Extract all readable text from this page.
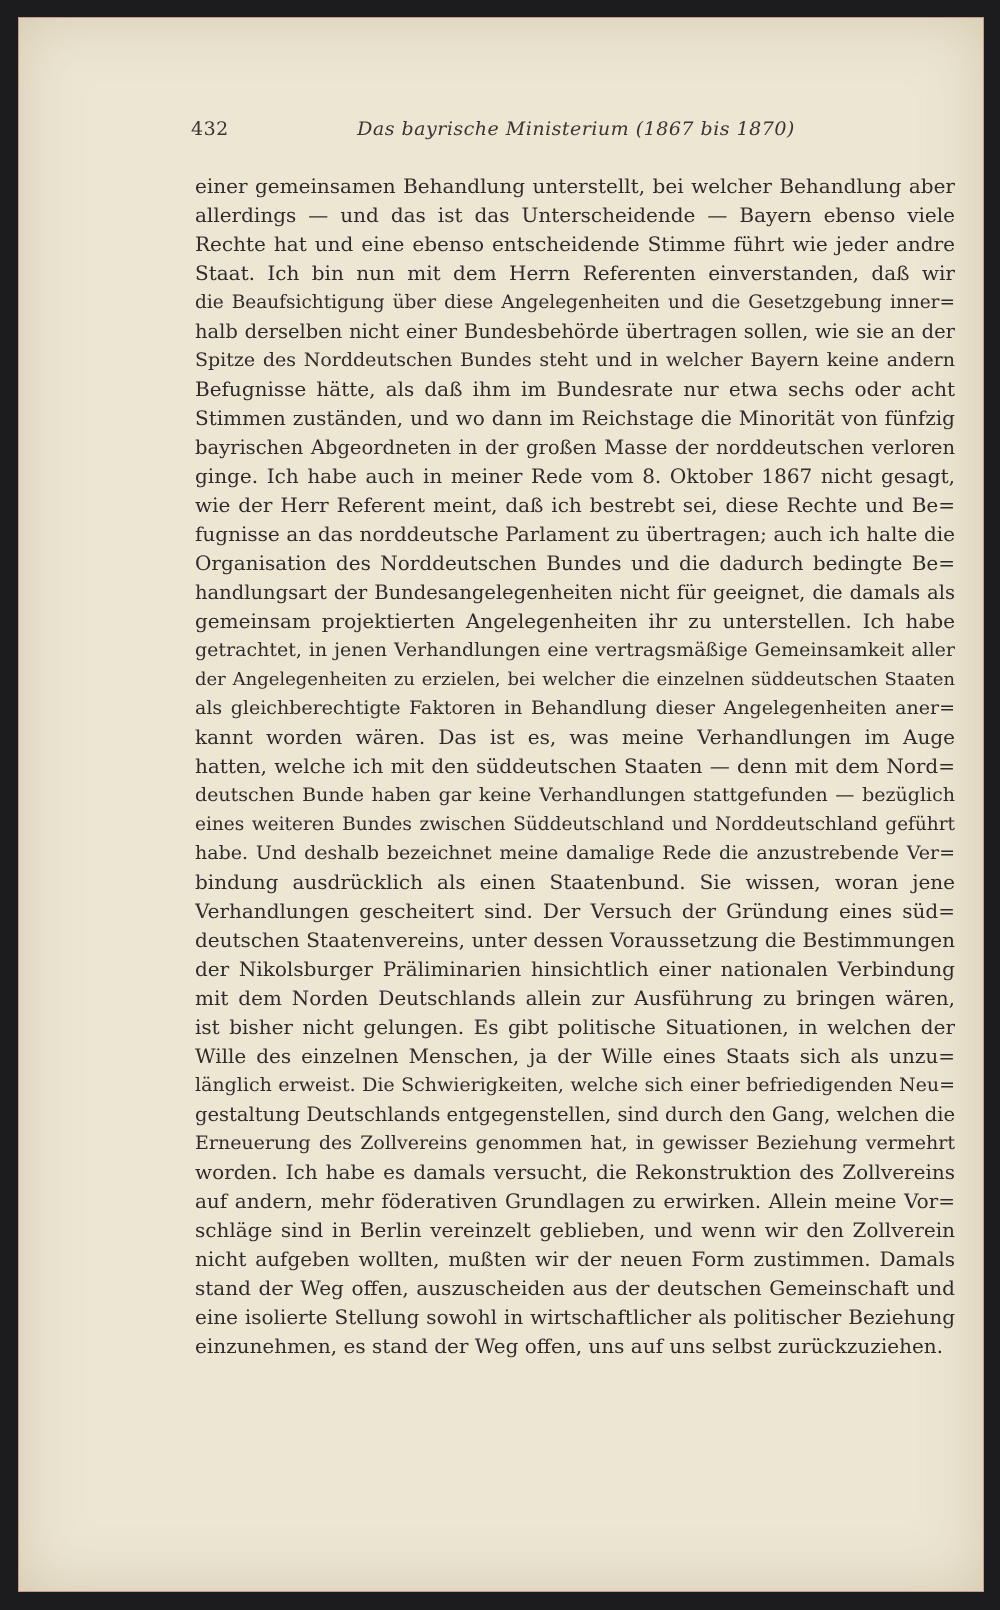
432	Das bayrische Ministerium (1867 bis 1870)
einer gemeinsamen Behandlung unterstellt, bei welcher Behandlung aber
allerdings — und das ist das Unterscheidende — Bayern ebenso viele
Rechte hat und eine ebenso entscheidende Stimme führt wie jeder andre
Staat. Ich bin nun mit dem Herrn Referenten einverstanden, daß wir
die Beaufsichtigung über diese Angelegenheiten und die Gesetzgebung inner=
halb derselben nicht einer Bundesbehörde übertragen sollen, wie sie an der
Spitze des Norddeutschen Bundes steht und in welcher Bayern keine andern
Befugnisse hätte, als daß ihm im Bundesrate nur etwa sechs oder acht
Stimmen zuständen, und wo dann im Reichstage die Minorität von fünfzig
bayrischen Abgeordneten in der großen Masse der norddeutschen verloren
ginge. Ich habe auch in meiner Rede vom 8. Oktober 1867 nicht gesagt,
wie der Herr Referent meint, daß ich bestrebt sei, diese Rechte und Be=
fugnisse an das norddeutsche Parlament zu übertragen; auch ich halte die
Organisation des Norddeutschen Bundes und die dadurch bedingte Be=
handlungsart der Bundesangelegenheiten nicht für geeignet, die damals als
gemeinsam projektierten Angelegenheiten ihr zu unterstellen. Ich habe
getrachtet, in jenen Verhandlungen eine vertragsmäßige Gemeinsamkeit aller
der Angelegenheiten zu erzielen, bei welcher die einzelnen süddeutschen Staaten
als gleichberechtigte Faktoren in Behandlung dieser Angelegenheiten aner=
kannt worden wären. Das ist es, was meine Verhandlungen im Auge
hatten, welche ich mit den süddeutschen Staaten — denn mit dem Nord=
deutschen Bunde haben gar keine Verhandlungen stattgefunden — bezüglich
eines weiteren Bundes zwischen Süddeutschland und Norddeutschland geführt
habe. Und deshalb bezeichnet meine damalige Rede die anzustrebende Ver=
bindung ausdrücklich als einen Staatenbund. Sie wissen, woran jene
Verhandlungen gescheitert sind. Der Versuch der Gründung eines süd=
deutschen Staatenvereins, unter dessen Voraussetzung die Bestimmungen
der Nikolsburger Präliminarien hinsichtlich einer nationalen Verbindung
mit dem Norden Deutschlands allein zur Ausführung zu bringen wären,
ist bisher nicht gelungen. Es gibt politische Situationen, in welchen der
Wille des einzelnen Menschen, ja der Wille eines Staats sich als unzu=
länglich erweist. Die Schwierigkeiten, welche sich einer befriedigenden Neu=
gestaltung Deutschlands entgegenstellen, sind durch den Gang, welchen die
Erneuerung des Zollvereins genommen hat, in gewisser Beziehung vermehrt
worden. Ich habe es damals versucht, die Rekonstruktion des Zollvereins
auf andern, mehr föderativen Grundlagen zu erwirken. Allein meine Vor=
schläge sind in Berlin vereinzelt geblieben, und wenn wir den Zollverein
nicht aufgeben wollten, mußten wir der neuen Form zustimmen. Damals
stand der Weg offen, auszuscheiden aus der deutschen Gemeinschaft und
eine isolierte Stellung sowohl in wirtschaftlicher als politischer Beziehung
einzunehmen, es stand der Weg offen, uns auf uns selbst zurückzuziehen.
